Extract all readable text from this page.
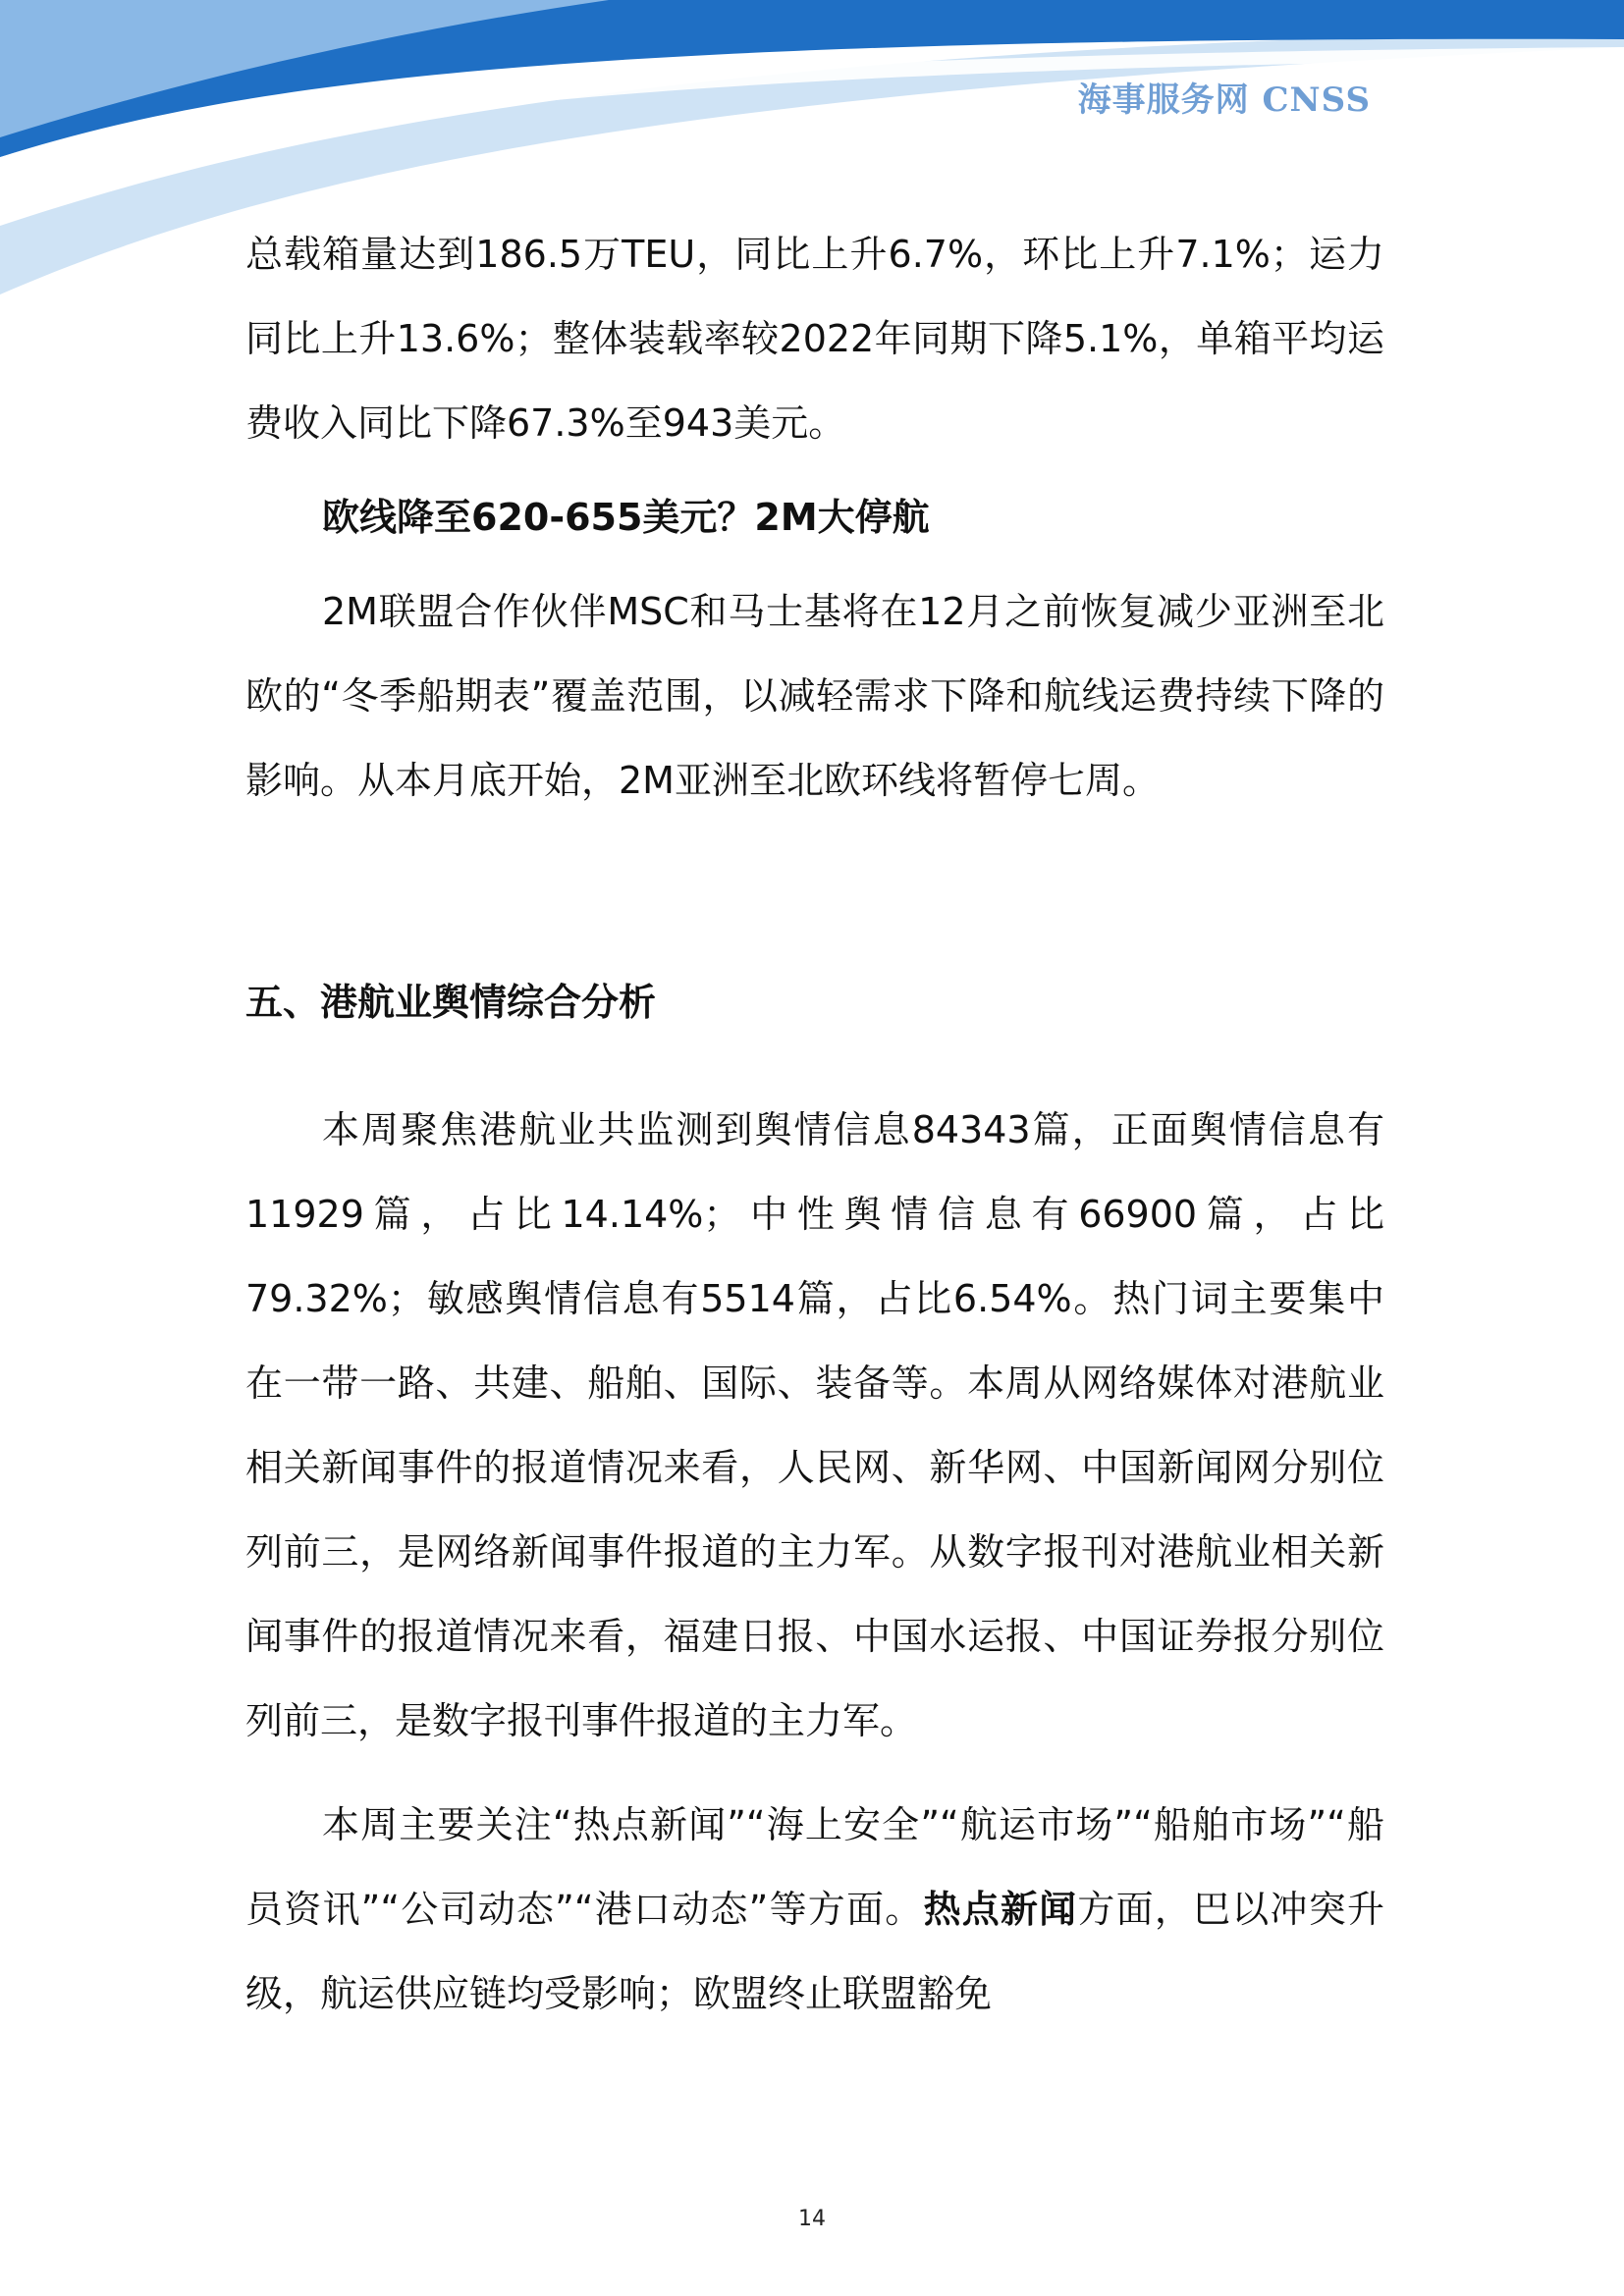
海事服务网 CNSS

总载箱量达到186.5万TEU，同比上升6.7%，环比上升7.1%；运力同比上升13.6%；整体装载率较2022年同期下降5.1%，单箱平均运费收入同比下降67.3%至943美元。

欧线降至620-655美元？2M大停航

2M联盟合作伙伴MSC和马士基将在12月之前恢复减少亚洲至北欧的“冬季船期表”覆盖范围，以减轻需求下降和航线运费持续下降的影响。从本月底开始，2M亚洲至北欧环线将暂停七周。

五、港航业舆情综合分析

本周聚焦港航业共监测到舆情信息84343篇，正面舆情信息有11929篇，占比14.14%；中性舆情信息有66900篇，占比79.32%；敏感舆情信息有5514篇，占比6.54%。热门词主要集中在一带一路、共建、船舶、国际、装备等。本周从网络媒体对港航业相关新闻事件的报道情况来看，人民网、新华网、中国新闻网分别位列前三，是网络新闻事件报道的主力军。从数字报刊对港航业相关新闻事件的报道情况来看，福建日报、中国水运报、中国证券报分别位列前三，是数字报刊事件报道的主力军。

本周主要关注“热点新闻”“海上安全”“航运市场”“船舶市场”“船员资讯”“公司动态”“港口动态”等方面。热点新闻方面，巴以冲突升级，航运供应链均受影响；欧盟终止联盟豁免

14
